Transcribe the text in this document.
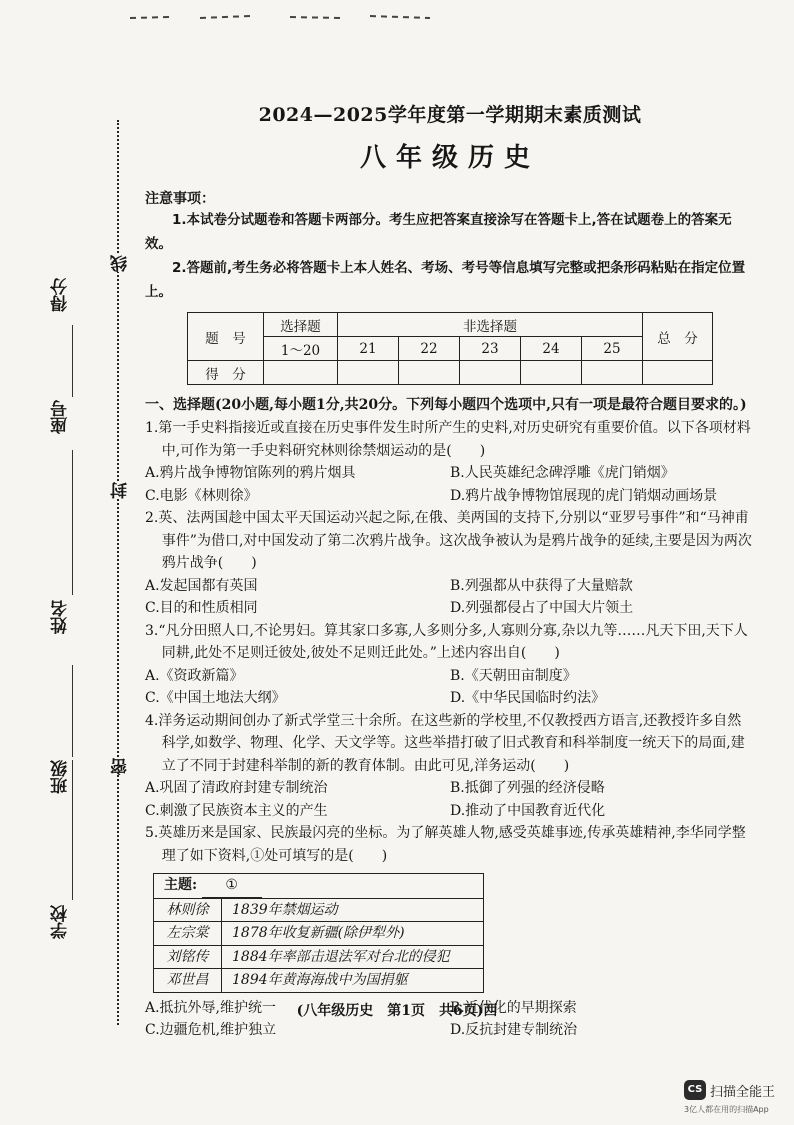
学校
班级
姓名
座号
得分
密
封
线
2024—2025学年度第一学期期末素质测试
八年级历史
注意事项：

1.本试卷分试题卷和答题卡两部分。考生应把答案直接涂写在答题卡上,答在试题卷上的答案无效。

2.答题前,考生务必将答题卡上本人姓名、考场、考号等信息填写完整或把条形码粘贴在指定位置上。

题　号	选择题	非选择题					总　分
	1～20	21	22	23	24	25	
得　分							
一、选择题(20小题,每小题1分,共20分。下列每小题四个选项中,只有一项是最符合题目要求的。)
1.第一手史料指接近或直接在历史事件发生时所产生的史料,对历史研究有重要价值。以下各项材料中,可作为第一手史料研究林则徐禁烟运动的是(　　)
A.鸦片战争博物馆陈列的鸦片烟具	B.人民英雄纪念碑浮雕《虎门销烟》
C.电影《林则徐》	D.鸦片战争博物馆展现的虎门销烟动画场景
2.英、法两国趁中国太平天国运动兴起之际,在俄、美两国的支持下,分别以“亚罗号事件”和“马神甫事件”为借口,对中国发动了第二次鸦片战争。这次战争被认为是鸦片战争的延续,主要是因为两次鸦片战争(　　)
A.发起国都有英国	B.列强都从中获得了大量赔款
C.目的和性质相同	D.列强都侵占了中国大片领土
3.“凡分田照人口,不论男妇。算其家口多寡,人多则分多,人寡则分寡,杂以九等……凡天下田,天下人同耕,此处不足则迁彼处,彼处不足则迁此处。”上述内容出自(　　)
A.《资政新篇》	B.《天朝田亩制度》
C.《中国土地法大纲》	D.《中华民国临时约法》
4.洋务运动期间创办了新式学堂三十余所。在这些新的学校里,不仅教授西方语言,还教授许多自然科学,如数学、物理、化学、天文学等。这些举措打破了旧式教育和科举制度一统天下的局面,建立了不同于封建科举制的新的教育体制。由此可见,洋务运动(　　)
A.巩固了清政府封建专制统治	B.抵御了列强的经济侵略
C.刺激了民族资本主义的产生	D.推动了中国教育近代化
5.英雄历来是国家、民族最闪亮的坐标。为了解英雄人物,感受英雄事迹,传承英雄精神,李华同学整理了如下资料,①处可填写的是(　　)
主题: ①	
林则徐	1839年禁烟运动
左宗棠	1878年收复新疆(除伊犁外)
刘铭传	1884年率部击退法军对台北的侵犯
邓世昌	1894年黄海海战中为国捐躯
A.抵抗外辱,维护统一	B.近代化的早期探索
C.边疆危机,维护独立	D.反抗封建专制统治
(八年级历史　第1页　共6页)西
CS 扫描全能王
3亿人都在用的扫描App
